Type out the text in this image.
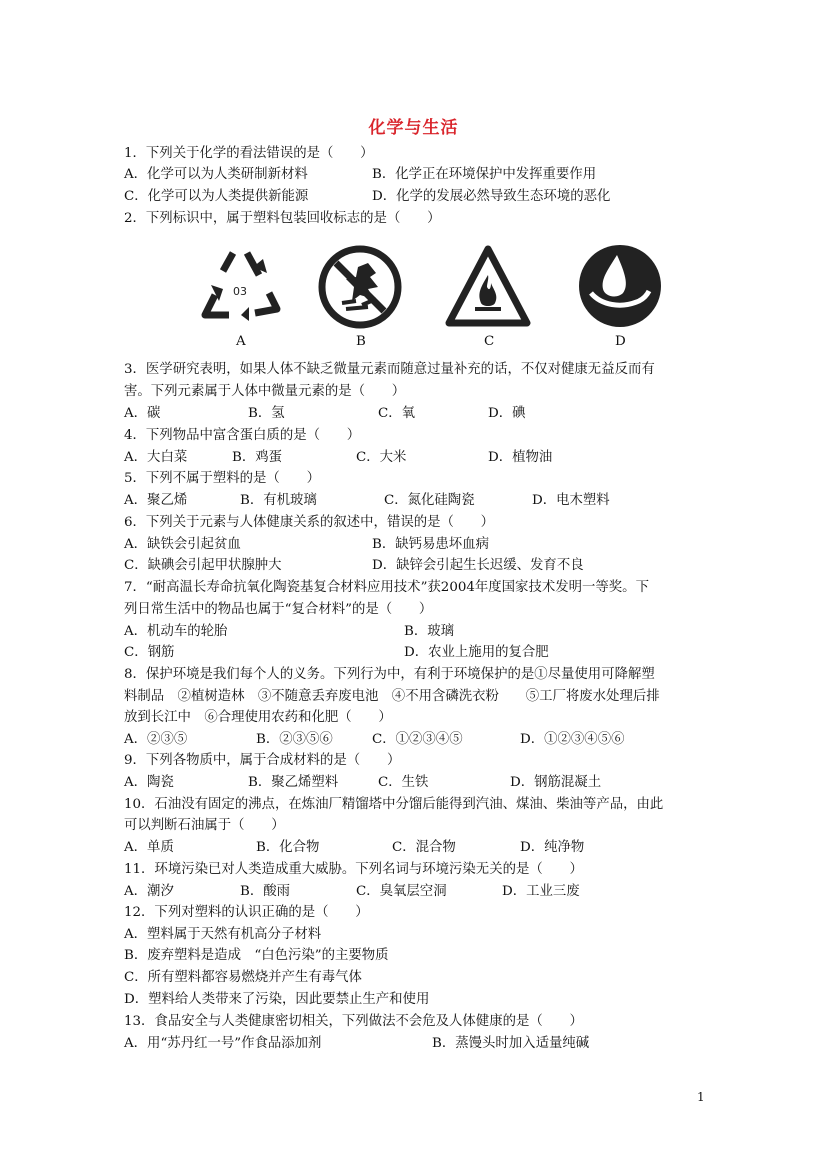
化学与生活
1．下列关于化学的看法错误的是（　　）
A．化学可以为人类研制新材料	B．化学正在环境保护中发挥重要作用
C．化学可以为人类提供新能源	D．化学的发展必然导致生态环境的恶化
2．下列标识中，属于塑料包装回收标志的是（　　）
03
A	B	C	D
3．医学研究表明，如果人体不缺乏微量元素而随意过量补充的话，不仅对健康无益反而有
害。下列元素属于人体中微量元素的是（　　）
A．碳	B．氢	C．氧	D．碘
4．下列物品中富含蛋白质的是（　　）
A．大白菜	B．鸡蛋	C．大米	D．植物油
5．下列不属于塑料的是（　　）
A．聚乙烯	B．有机玻璃	C．氮化硅陶瓷	D．电木塑料
6．下列关于元素与人体健康关系的叙述中，错误的是（　　）
A．缺铁会引起贫血	B．缺钙易患坏血病
C．缺碘会引起甲状腺肿大	D．缺锌会引起生长迟缓、发育不良
7．“耐高温长寿命抗氧化陶瓷基复合材料应用技术”获2004年度国家技术发明一等奖。下
列日常生活中的物品也属于“复合材料”的是（　　）
A．机动车的轮胎	B．玻璃
C．钢筋	D．农业上施用的复合肥
8．保护环境是我们每个人的义务。下列行为中，有利于环境保护的是①尽量使用可降解塑
料制品　②植树造林　③不随意丢弃废电池　④不用含磷洗衣粉　　⑤工厂将废水处理后排
放到长江中　⑥合理使用农药和化肥（　　）
A．②③⑤	B．②③⑤⑥	C．①②③④⑤	D．①②③④⑤⑥
9．下列各物质中，属于合成材料的是（　　）
A．陶瓷	B．聚乙烯塑料	C．生铁	D．钢筋混凝土
10．石油没有固定的沸点，在炼油厂精馏塔中分馏后能得到汽油、煤油、柴油等产品，由此
可以判断石油属于（　　）
A．单质	B．化合物	C．混合物	D．纯净物
11．环境污染已对人类造成重大威胁。下列名词与环境污染无关的是（　　）
A．潮汐	B．酸雨	C．臭氧层空洞	D．工业三废
12．下列对塑料的认识正确的是（　　）
A．塑料属于天然有机高分子材料
B．废弃塑料是造成　“白色污染”的主要物质
C．所有塑料都容易燃烧并产生有毒气体
D．塑料给人类带来了污染，因此要禁止生产和使用
13．食品安全与人类健康密切相关，下列做法不会危及人体健康的是（　　）
A．用“苏丹红一号”作食品添加剂	B．蒸馒头时加入适量纯碱
1
